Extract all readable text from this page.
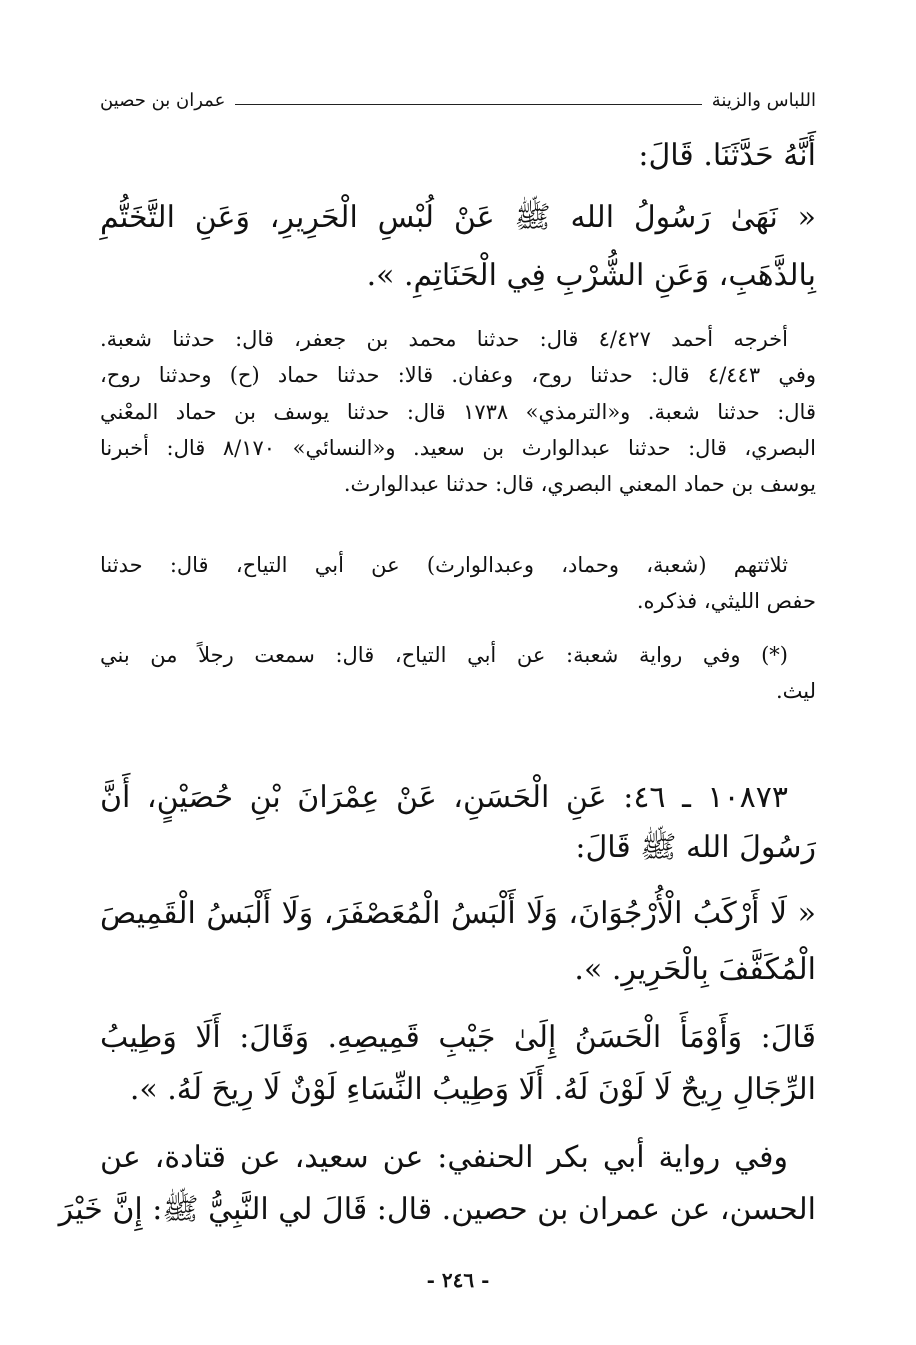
اللباس والزينة
عمران بن حصين
أَنَّهُ حَدَّثَنَا. قَالَ:
« نَهَىٰ رَسُولُ الله ﷺ عَنْ لُبْسِ الْحَرِيرِ، وَعَنِ التَّخَتُّمِ
بِالذَّهَبِ، وَعَنِ الشُّرْبِ فِي الْحَنَاتِمِ. ».
أخرجه أحمد ٤/٤٢٧ قال: حدثنا محمد بن جعفر، قال: حدثنا شعبة.
وفي ٤/٤٤٣ قال: حدثنا روح، وعفان. قالا: حدثنا حماد (ح) وحدثنا روح،
قال: حدثنا شعبة. و«الترمذي» ١٧٣٨ قال: حدثنا يوسف بن حماد المعْني
البصري، قال: حدثنا عبدالوارث بن سعيد. و«النسائي» ٨/١٧٠ قال: أخبرنا
يوسف بن حماد المعني البصري، قال: حدثنا عبدالوارث.
ثلاثتهم (شعبة، وحماد، وعبدالوارث) عن أبي التياح، قال: حدثنا
حفص الليثي، فذكره.
(*) وفي رواية شعبة: عن أبي التياح، قال: سمعت رجلاً من بني
ليث.
١٠٨٧٣ ـ ٤٦: عَنِ الْحَسَنِ، عَنْ عِمْرَانَ بْنِ حُصَيْنٍ، أَنَّ
رَسُولَ الله ﷺ قَالَ:
« لَا أَرْكَبُ الْأُرْجُوَانَ، وَلَا أَلْبَسُ الْمُعَصْفَرَ، وَلَا أَلْبَسُ الْقَمِيصَ
الْمُكَفَّفَ بِالْحَرِيرِ. ».
قَالَ: وَأَوْمَأَ الْحَسَنُ إِلَىٰ جَيْبِ قَمِيصِهِ. وَقَالَ: أَلَا وَطِيبُ
الرِّجَالِ رِيحٌ لَا لَوْنَ لَهُ. أَلَا وَطِيبُ النِّسَاءِ لَوْنٌ لَا رِيحَ لَهُ. ».
وفي رواية أبي بكر الحنفي: عن سعيد، عن قتادة، عن
الحسن، عن عمران بن حصين. قال: قَالَ لي النَّبِيُّ ﷺ: إِنَّ خَيْرَ
- ٢٤٦ -
